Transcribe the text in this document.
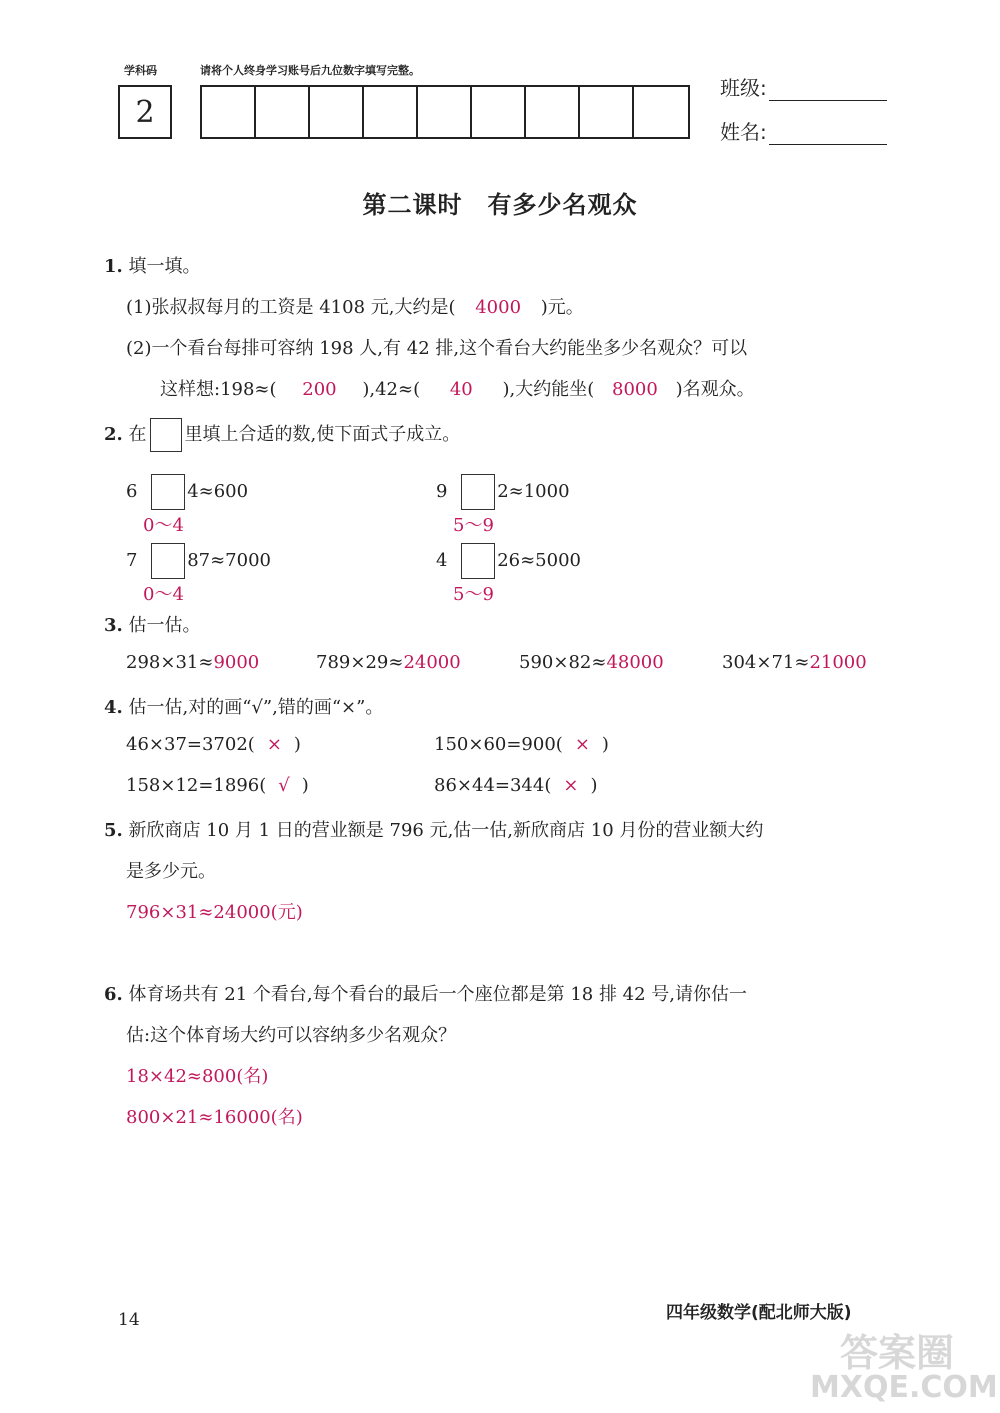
学科码	请将个人终身学习账号后九位数字填写完整。
2
班级:
姓名:
第二课时　有多少名观众
1. 填一填。
(1)张叔叔每月的工资是 4108 元,大约是( 4000 )元。
(2)一个看台每排可容纳 198 人,有 42 排,这个看台大约能坐多少名观众？可以
这样想:198≈( 200 ),42≈( 40 ),大约能坐( 8000 )名观众。
2. 在 里填上合适的数,使下面式子成立。
6	4≈600
0～4
9	2≈1000
5～9
7	87≈7000
0～4
4	26≈5000
5～9
3. 估一估。
298×31≈9000	789×29≈24000	590×82≈48000	304×71≈21000
4. 估一估,对的画“√”,错的画“×”。
46×37=3702( × )	150×60=900( × )
158×12=1896( √ )	86×44=344( × )
5. 新欣商店 10 月 1 日的营业额是 796 元,估一估,新欣商店 10 月份的营业额大约
是多少元。
796×31≈24000(元)
6. 体育场共有 21 个看台,每个看台的最后一个座位都是第 18 排 42 号,请你估一
估:这个体育场大约可以容纳多少名观众？
18×42≈800(名)
800×21≈16000(名)
14	四年级数学(配北师大版)
答案圈
MXQE.COM
